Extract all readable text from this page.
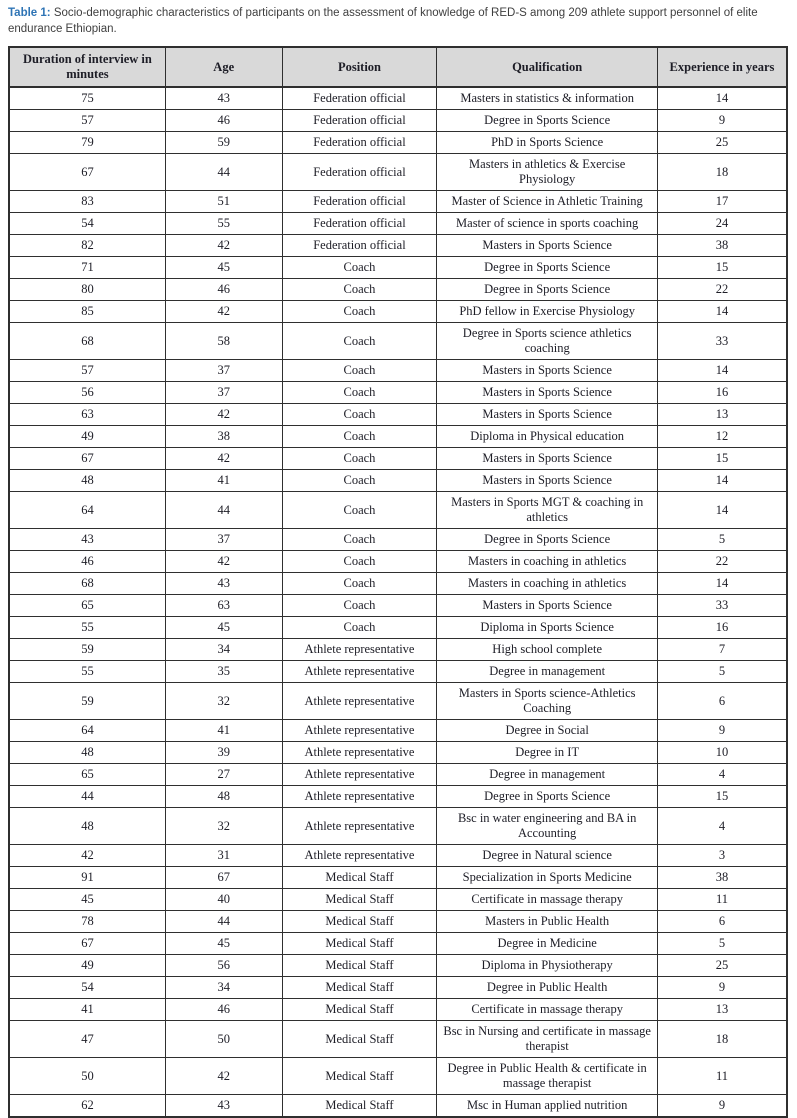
Table 1: Socio-demographic characteristics of participants on the assessment of knowledge of RED-S among 209 athlete support personnel of elite endurance Ethiopian.

Duration of interview in minutes	Age	Position	Qualification	Experience in years
75	43	Federation official	Masters in statistics & information	14
57	46	Federation official	Degree in Sports Science	9
79	59	Federation official	PhD in Sports Science	25
67	44	Federation official	Masters in athletics & Exercise Physiology	18
83	51	Federation official	Master of Science in Athletic Training	17
54	55	Federation official	Master of science in sports coaching	24
82	42	Federation official	Masters in Sports Science	38
71	45	Coach	Degree in Sports Science	15
80	46	Coach	Degree in Sports Science	22
85	42	Coach	PhD fellow in Exercise Physiology	14
68	58	Coach	Degree in Sports science athletics coaching	33
57	37	Coach	Masters in Sports Science	14
56	37	Coach	Masters in Sports Science	16
63	42	Coach	Masters in Sports Science	13
49	38	Coach	Diploma in Physical education	12
67	42	Coach	Masters in Sports Science	15
48	41	Coach	Masters in Sports Science	14
64	44	Coach	Masters in Sports MGT & coaching in athletics	14
43	37	Coach	Degree in Sports Science	5
46	42	Coach	Masters in coaching in athletics	22
68	43	Coach	Masters in coaching in athletics	14
65	63	Coach	Masters in Sports Science	33
55	45	Coach	Diploma in Sports Science	16
59	34	Athlete representative	High school complete	7
55	35	Athlete representative	Degree in management	5
59	32	Athlete representative	Masters in Sports science-Athletics Coaching	6
64	41	Athlete representative	Degree in Social	9
48	39	Athlete representative	Degree in IT	10
65	27	Athlete representative	Degree in management	4
44	48	Athlete representative	Degree in Sports Science	15
48	32	Athlete representative	Bsc in water engineering and BA in Accounting	4
42	31	Athlete representative	Degree in Natural science	3
91	67	Medical Staff	Specialization in Sports Medicine	38
45	40	Medical Staff	Certificate in massage therapy	11
78	44	Medical Staff	Masters in Public Health	6
67	45	Medical Staff	Degree in Medicine	5
49	56	Medical Staff	Diploma in Physiotherapy	25
54	34	Medical Staff	Degree in Public Health	9
41	46	Medical Staff	Certificate in massage therapy	13
47	50	Medical Staff	Bsc in Nursing and certificate in massage therapist	18
50	42	Medical Staff	Degree in Public Health & certificate in massage therapist	11
62	43	Medical Staff	Msc in Human applied nutrition	9
